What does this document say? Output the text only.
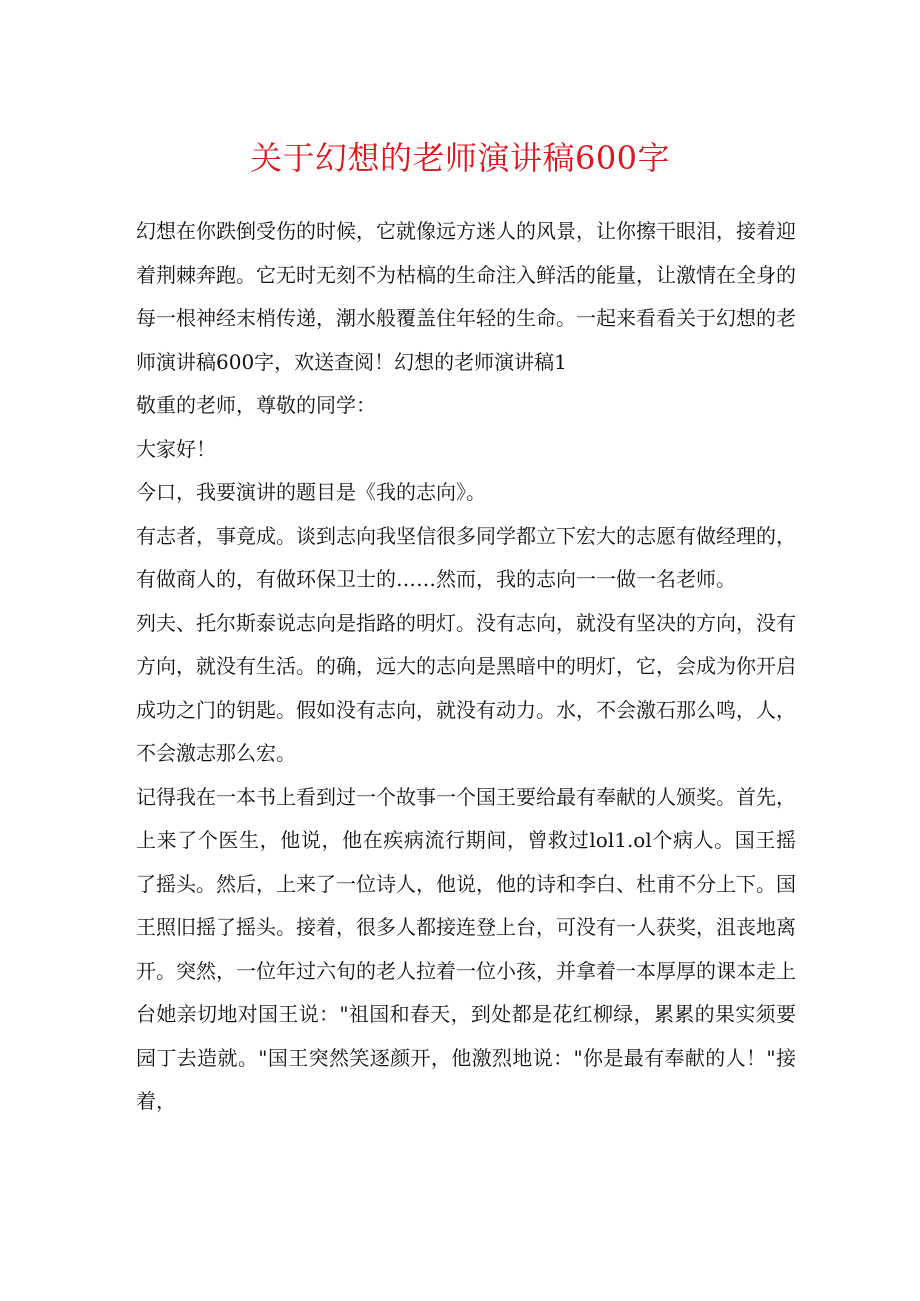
关于幻想的老师演讲稿600字

幻想在你跌倒受伤的时候，它就像远方迷人的风景，让你擦干眼泪，接着迎着荆棘奔跑。它无时无刻不为枯槁的生命注入鲜活的能量，让激情在全身的每一根神经末梢传递，潮水般覆盖住年轻的生命。一起来看看关于幻想的老师演讲稿600字，欢送查阅！幻想的老师演讲稿1

敬重的老师，尊敬的同学：

大家好！

今口，我要演讲的题目是《我的志向》。

有志者，事竟成。谈到志向我坚信很多同学都立下宏大的志愿有做经理的，有做商人的，有做环保卫士的……然而，我的志向一一做一名老师。

列夫、托尔斯泰说志向是指路的明灯。没有志向，就没有坚决的方向，没有方向，就没有生活。的确，远大的志向是黑暗中的明灯，它，会成为你开启成功之门的钥匙。假如没有志向，就没有动力。水，不会激石那么鸣，人，不会激志那么宏。

记得我在一本书上看到过一个故事一个国王要给最有奉献的人颁奖。首先，上来了个医生，他说，他在疾病流行期间，曾救过lol1.ol个病人。国王摇了摇头。然后，上来了一位诗人，他说，他的诗和李白、杜甫不分上下。国王照旧摇了摇头。接着，很多人都接连登上台，可没有一人获奖，沮丧地离开。突然，一位年过六旬的老人拉着一位小孩，并拿着一本厚厚的课本走上台她亲切地对国王说："祖国和春天，到处都是花红柳绿，累累的果实须要园丁去造就。"国王突然笑逐颜开，他激烈地说："你是最有奉献的人！"接着，
